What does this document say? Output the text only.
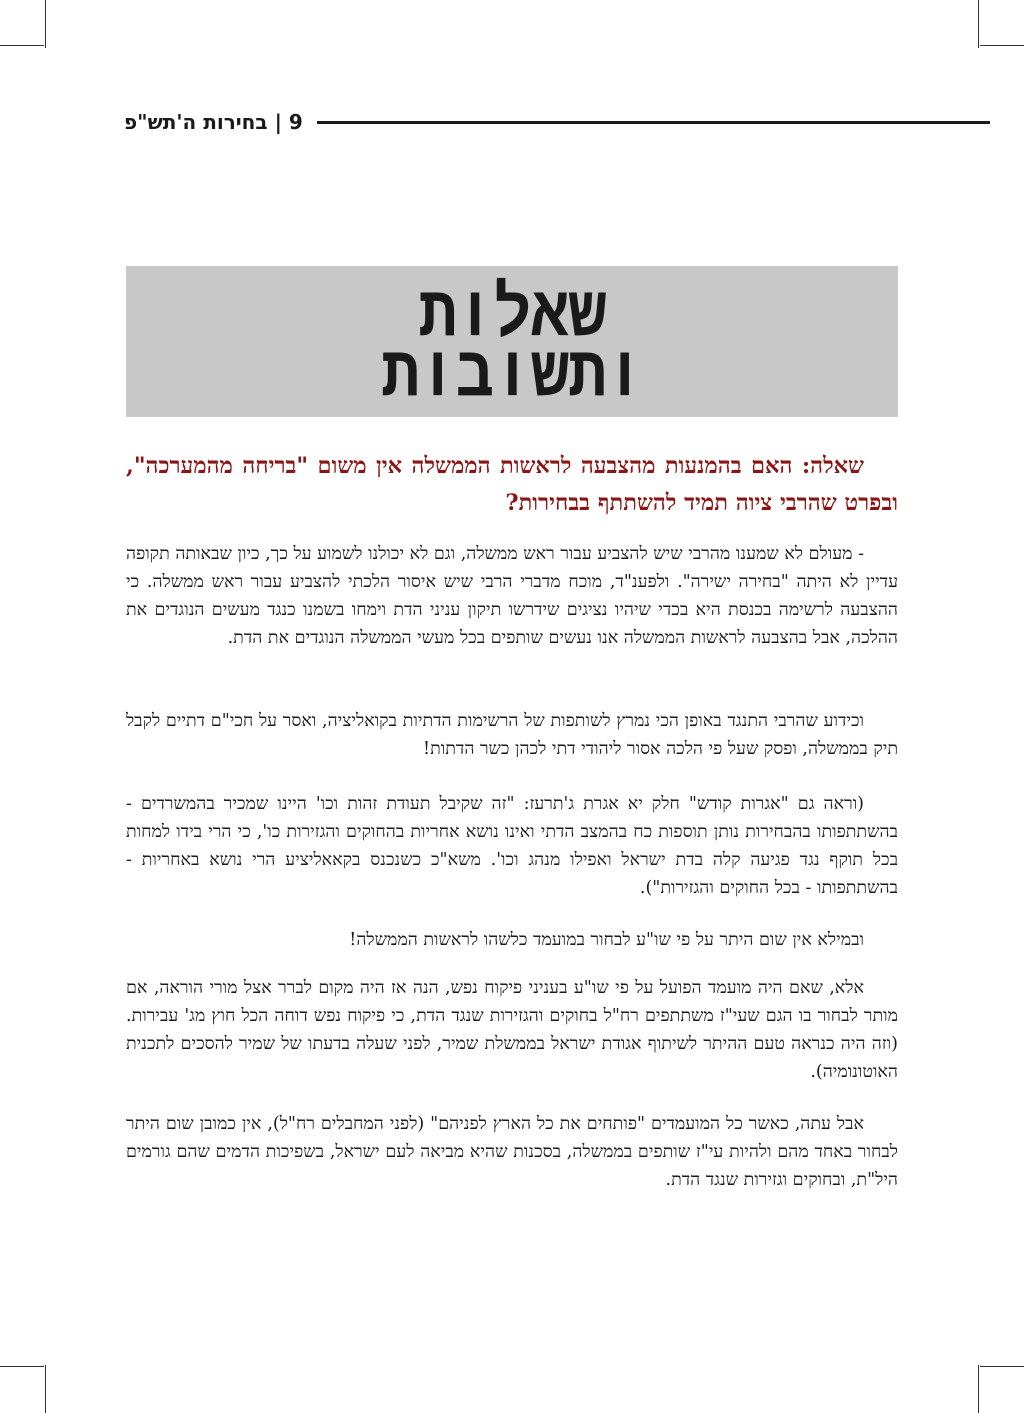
9 | בחירות ה'תש"פ
שאלות
ותשובות
שאלה: האם בהמנעות מהצבעה לראשות הממשלה אין משום "בריחה מהמערכה", ובפרט שהרבי ציוה תמיד להשתתף בבחירות?

- מעולם לא שמענו מהרבי שיש להצביע עבור ראש ממשלה, וגם לא יכולנו לשמוע על כך, כיון שבאותה תקופה עדיין לא היתה "בחירה ישירה". ולפענ"ד, מוכח מדברי הרבי שיש איסור הלכתי להצביע עבור ראש ממשלה. כי ההצבעה לרשימה בכנסת היא בכדי שיהיו נציגים שידרשו תיקון עניני הדת וימחו בשמנו כנגד מעשים הנוגדים את ההלכה, אבל בהצבעה לראשות הממשלה אנו נעשים שותפים בכל מעשי הממשלה הנוגדים את הדת.

וכידוע שהרבי התנגד באופן הכי נמרץ לשותפות של הרשימות הדתיות בקואליציה, ואסר על חכי"ם דתיים לקבל תיק בממשלה, ופסק שעל פי הלכה אסור ליהודי דתי לכהן כשר הדתות!

(וראה גם "אגרות קודש" חלק יא אגרת ג'תרעז: "זה שקיבל תעודת זהות וכו' היינו שמכיר בהמשרדים - בהשתתפותו בהבחירות נותן תוספות כח בהמצב הדתי ואינו נושא אחריות בהחוקים והגזירות כו', כי הרי בידו למחות בכל תוקף נגד פגיעה קלה בדת ישראל ואפילו מנהג וכו'. משא"כ כשנכנס בקאאליציע הרי נושא באחריות - בהשתתפותו - בכל החוקים והגזירות").

ובמילא אין שום היתר על פי שו"ע לבחור במועמד כלשהו לראשות הממשלה!

אלא, שאם היה מועמד הפועל על פי שו"ע בעניני פיקוח נפש, הנה אז היה מקום לברר אצל מורי הוראה, אם מותר לבחור בו הגם שעי"ז משתתפים רח"ל בחוקים והגזירות שנגד הדת, כי פיקוח נפש דוחה הכל חוץ מג' עבירות. (וזה היה כנראה טעם ההיתר לשיתוף אגודת ישראל בממשלת שמיר, לפני שעלה בדעתו של שמיר להסכים לתכנית האוטונומיה).

אבל עתה, כאשר כל המועמדים "פותחים את כל הארץ לפניהם" (לפני המחבלים רח"ל), אין כמובן שום היתר לבחור באחד מהם ולהיות עי"ז שותפים בממשלה, בסכנות שהיא מביאה לעם ישראל, בשפיכות הדמים שהם גורמים היל"ת, ובחוקים וגזירות שנגד הדת.
